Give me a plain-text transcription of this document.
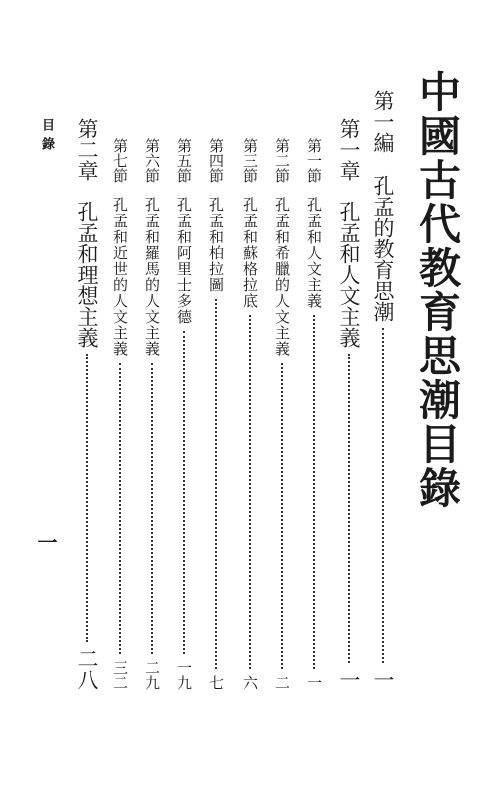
中國古代教育思潮目錄
第一編
孔孟的教育思潮
一
第一章
孔孟和人文主義
一
第一節
孔孟和人文主義
一
第二節
孔孟和希臘的人文主義
二
第三節
孔孟和蘇格拉底
六
第四節
孔孟和柏拉圖
七
第五節
孔孟和阿里士多德
一九
第六節
孔孟和羅馬的人文主義
二九
第七節
孔孟和近世的人文主義
三二
第二章
孔孟和理想主義
二八
目錄
一
